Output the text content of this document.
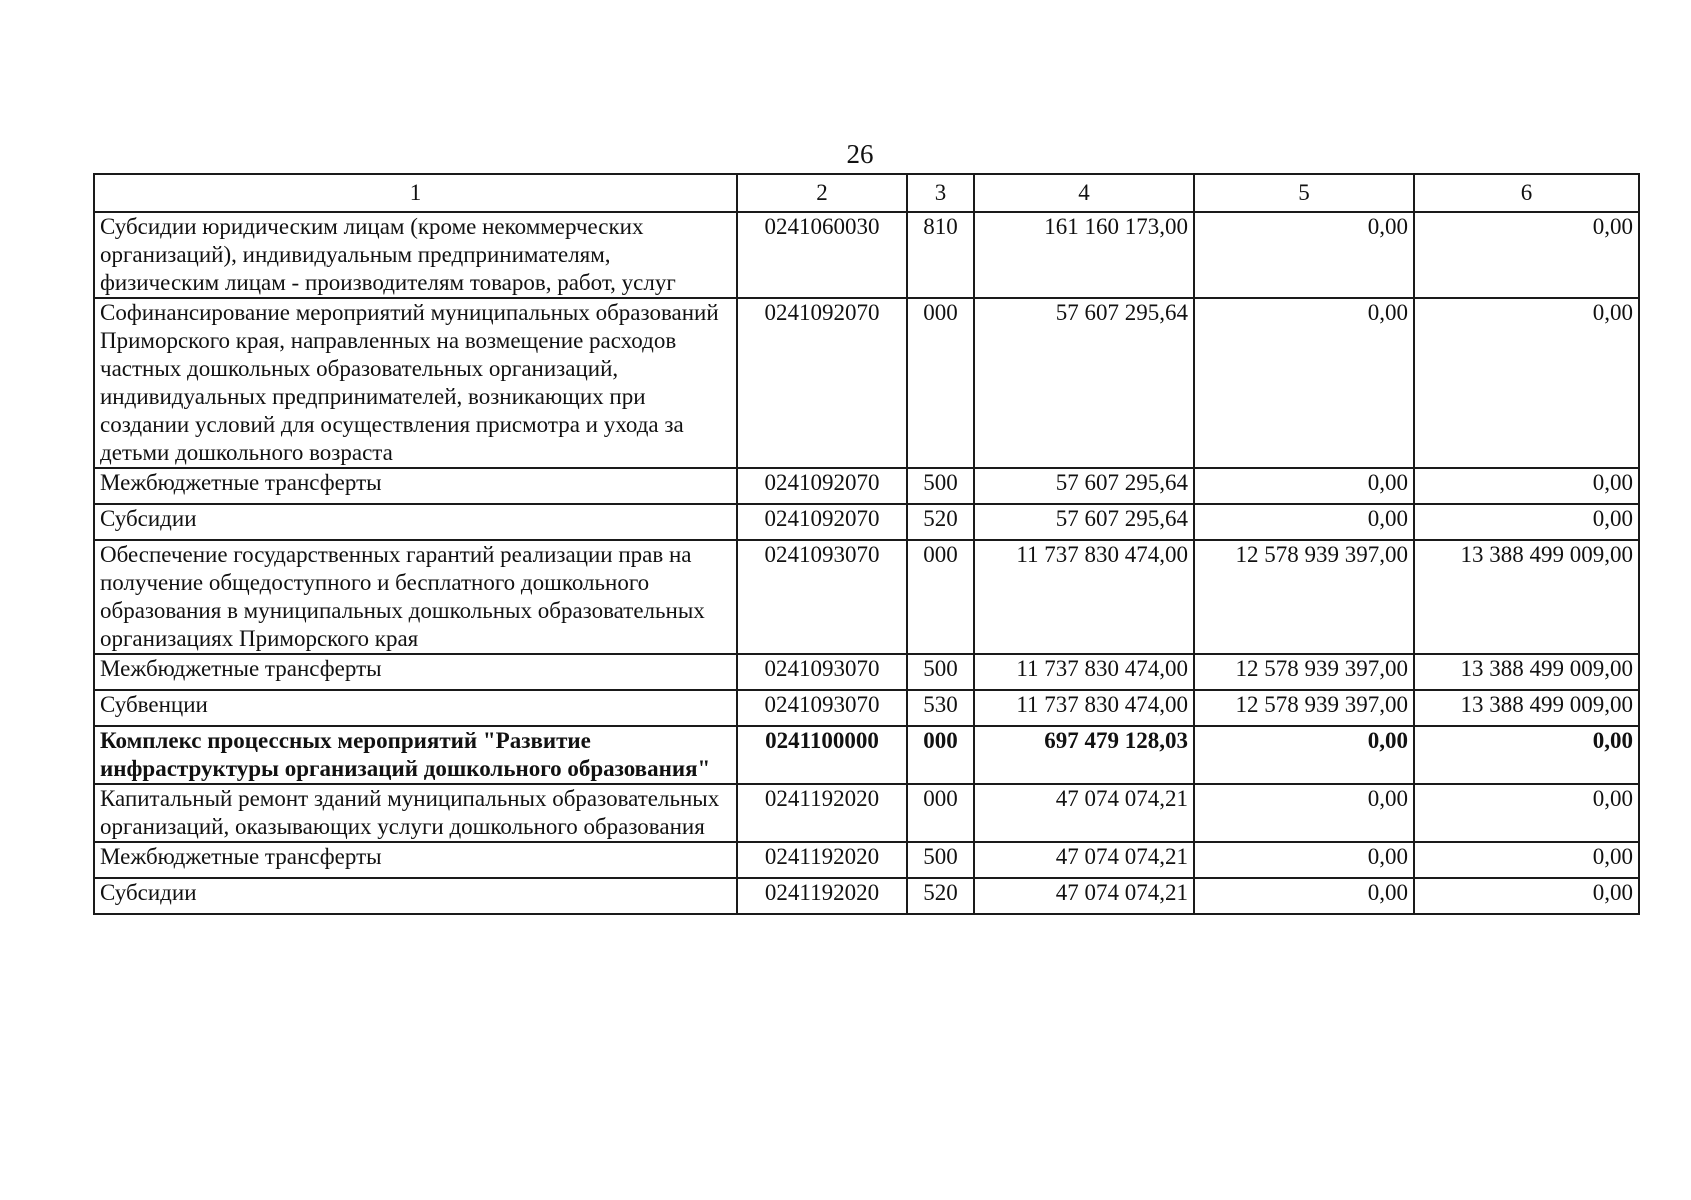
26
1	2	3	4	5	6
Субсидии юридическим лицам (кроме некоммерческих организаций), индивидуальным предпринимателям, физическим лицам - производителям товаров, работ, услуг	0241060030	810	161 160 173,00	0,00	0,00
Софинансирование мероприятий муниципальных образований Приморского края, направленных на возмещение расходов частных дошкольных образовательных организаций, индивидуальных предпринимателей, возникающих при создании условий для осуществления присмотра и ухода за детьми дошкольного возраста	0241092070	000	57 607 295,64	0,00	0,00
Межбюджетные трансферты	0241092070	500	57 607 295,64	0,00	0,00
Субсидии	0241092070	520	57 607 295,64	0,00	0,00
Обеспечение государственных гарантий реализации прав на получение общедоступного и бесплатного дошкольного образования в муниципальных дошкольных образовательных организациях Приморского края	0241093070	000	11 737 830 474,00	12 578 939 397,00	13 388 499 009,00
Межбюджетные трансферты	0241093070	500	11 737 830 474,00	12 578 939 397,00	13 388 499 009,00
Субвенции	0241093070	530	11 737 830 474,00	12 578 939 397,00	13 388 499 009,00
Комплекс процессных мероприятий "Развитие инфраструктуры организаций дошкольного образования"	0241100000	000	697 479 128,03	0,00	0,00
Капитальный ремонт зданий муниципальных образовательных организаций, оказывающих услуги дошкольного образования	0241192020	000	47 074 074,21	0,00	0,00
Межбюджетные трансферты	0241192020	500	47 074 074,21	0,00	0,00
Субсидии	0241192020	520	47 074 074,21	0,00	0,00
